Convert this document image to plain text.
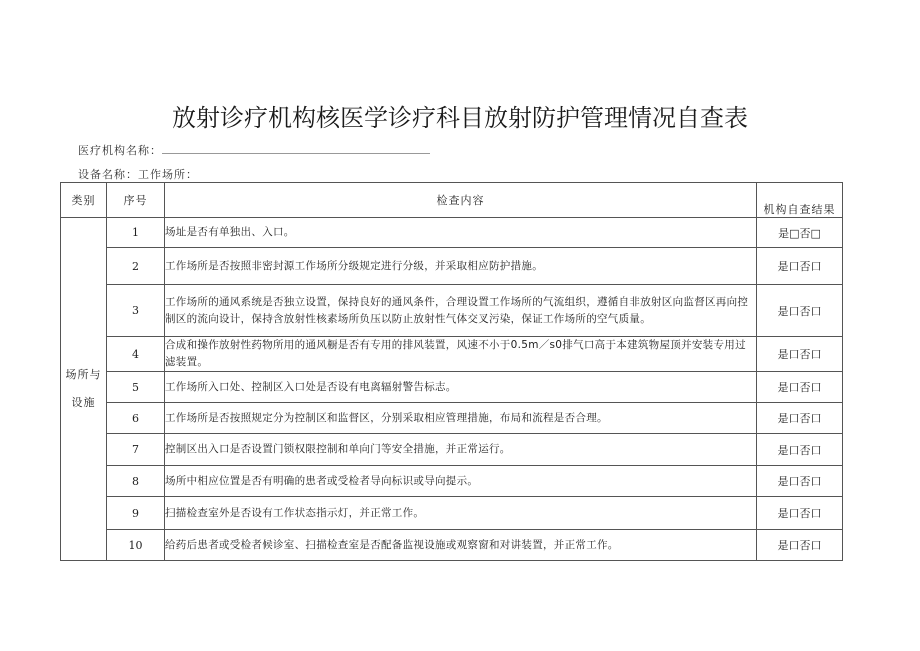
放射诊疗机构核医学诊疗科目放射防护管理情况自查表
医疗机构名称：
设备名称：工作场所：
类别	序号	检查内容	机构自查结果
场所与设施	1	场址是否有单独出、入口。	是□否□
	2	工作场所是否按照非密封源工作场所分级规定进行分级，并采取相应防护措施。	是口否口
	3	工作场所的通风系统是否独立设置，保持良好的通风条件，合理设置工作场所的气流组织，遵循自非放射区向监督区再向控制区的流向设计，保持含放射性核素场所负压以防止放射性气体交叉污染，保证工作场所的空气质量。	是口否口
	4	合成和操作放射性药物所用的通风橱是否有专用的排风装置，风速不小于0.5m／s0排气口高于本建筑物屋顶并安装专用过滤装置。	是口否口
	5	工作场所入口处、控制区入口处是否设有电离辐射警告标志。	是口否口
	6	工作场所是否按照规定分为控制区和监督区，分别采取相应管理措施，布局和流程是否合理。	是口否口
	7	控制区出入口是否设置门锁权限控制和单向门等安全措施，并正常运行。	是口否口
	8	场所中相应位置是否有明确的患者或受检者导向标识或导向提示。	是口否口
	9	扫描检查室外是否设有工作状态指示灯，并正常工作。	是口否口
	10	给药后患者或受检者候诊室、扫描检查室是否配备监视设施或观察窗和对讲装置，并正常工作。	是口否口
